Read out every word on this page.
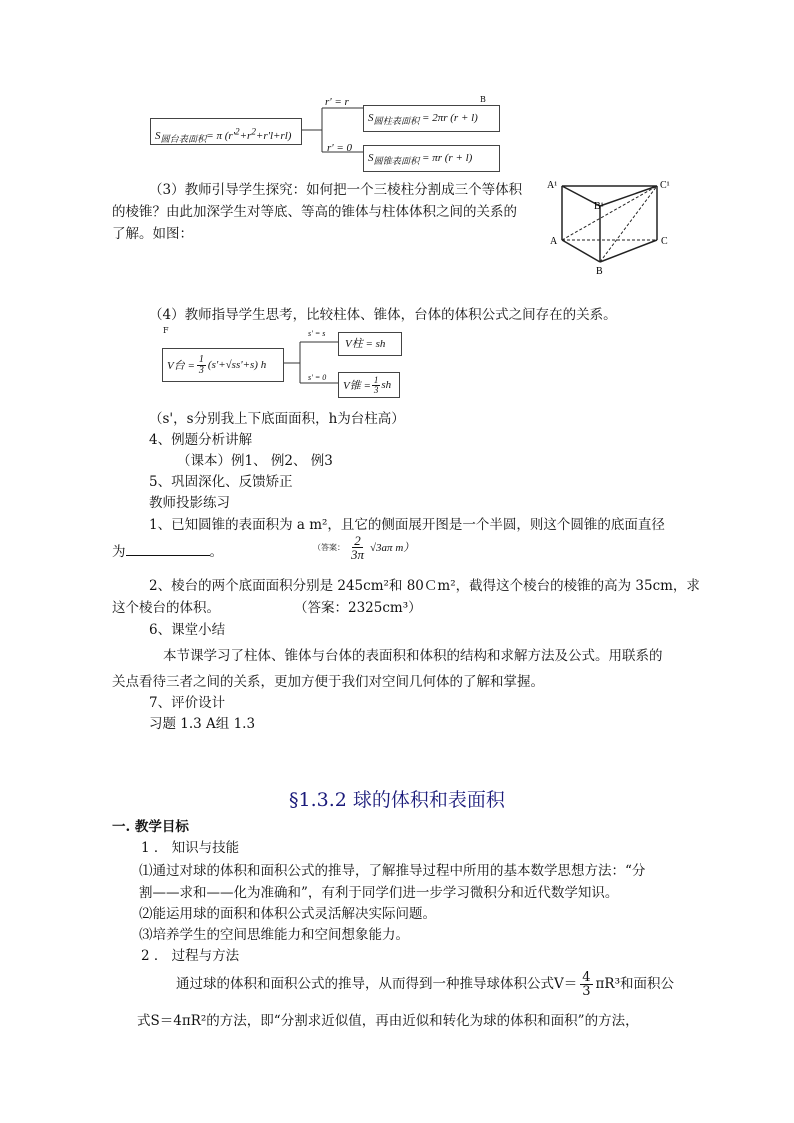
$S_{圆台表面积}= \pi$ $(r'^2+r^2+r'l+rl)$
r' = r
r' = 0
B
$S_{圆柱表面积} = 2\pi r$ (r + l)
$S_{圆锥表面积} = \pi r$ (r + l)
（3）教师引导学生探究：如何把一个三棱柱分割成三个等体积
的棱锥？由此加深学生对等底、等高的锥体与柱体体积之间的关系的
了解。如图：
A¹
B¹
C¹
A
B
C
（4）教师指导学生思考，比较柱体、锥体，台体的体积公式之间存在的关系。
F
V台 = $\frac{1}{3} (s'+√ss'+s)$ h
s' = s
s' = 0
V柱 = sh
V锥 = $\frac{1}{3}$ sh
（s'，s分别我上下底面面积，h为台柱高）
4、例题分析讲解
（课本）例1、 例2、 例3
5、巩固深化、反馈矫正
教师投影练习
1、已知圆锥的表面积为 a m²，且它的侧面展开图是一个半圆，则这个圆锥的底面直径
为	。	（答案： $\frac{2}{3\pi} √3a\pi$ m）
2、棱台的两个底面面积分别是 245cm²和 80Ｃm²，截得这个棱台的棱锥的高为 35cm，求
这个棱台的体积。	（答案：2325cm³）
6、课堂小结
本节课学习了柱体、锥体与台体的表面积和体积的结构和求解方法及公式。用联系的
关点看待三者之间的关系，更加方便于我们对空间几何体的了解和掌握。
7、评价设计
习题 1.3 A组 1.3
§1.3.2 球的体积和表面积
一. 教学目标
1 ． 知识与技能
⑴通过对球的体积和面积公式的推导，了解推导过程中所用的基本数学思想方法：“分
割——求和——化为准确和”，有利于同学们进一步学习微积分和近代数学知识。
⑵能运用球的面积和体积公式灵活解决实际问题。
⑶培养学生的空间思维能力和空间想象能力。
2 ． 过程与方法
通过球的体积和面积公式的推导，从而得到一种推导球体积公式$V= \frac{4}{3} \pi R^3$和面积公
式S＝4πR²的方法，即“分割求近似值，再由近似和转化为球的体积和面积”的方法，
